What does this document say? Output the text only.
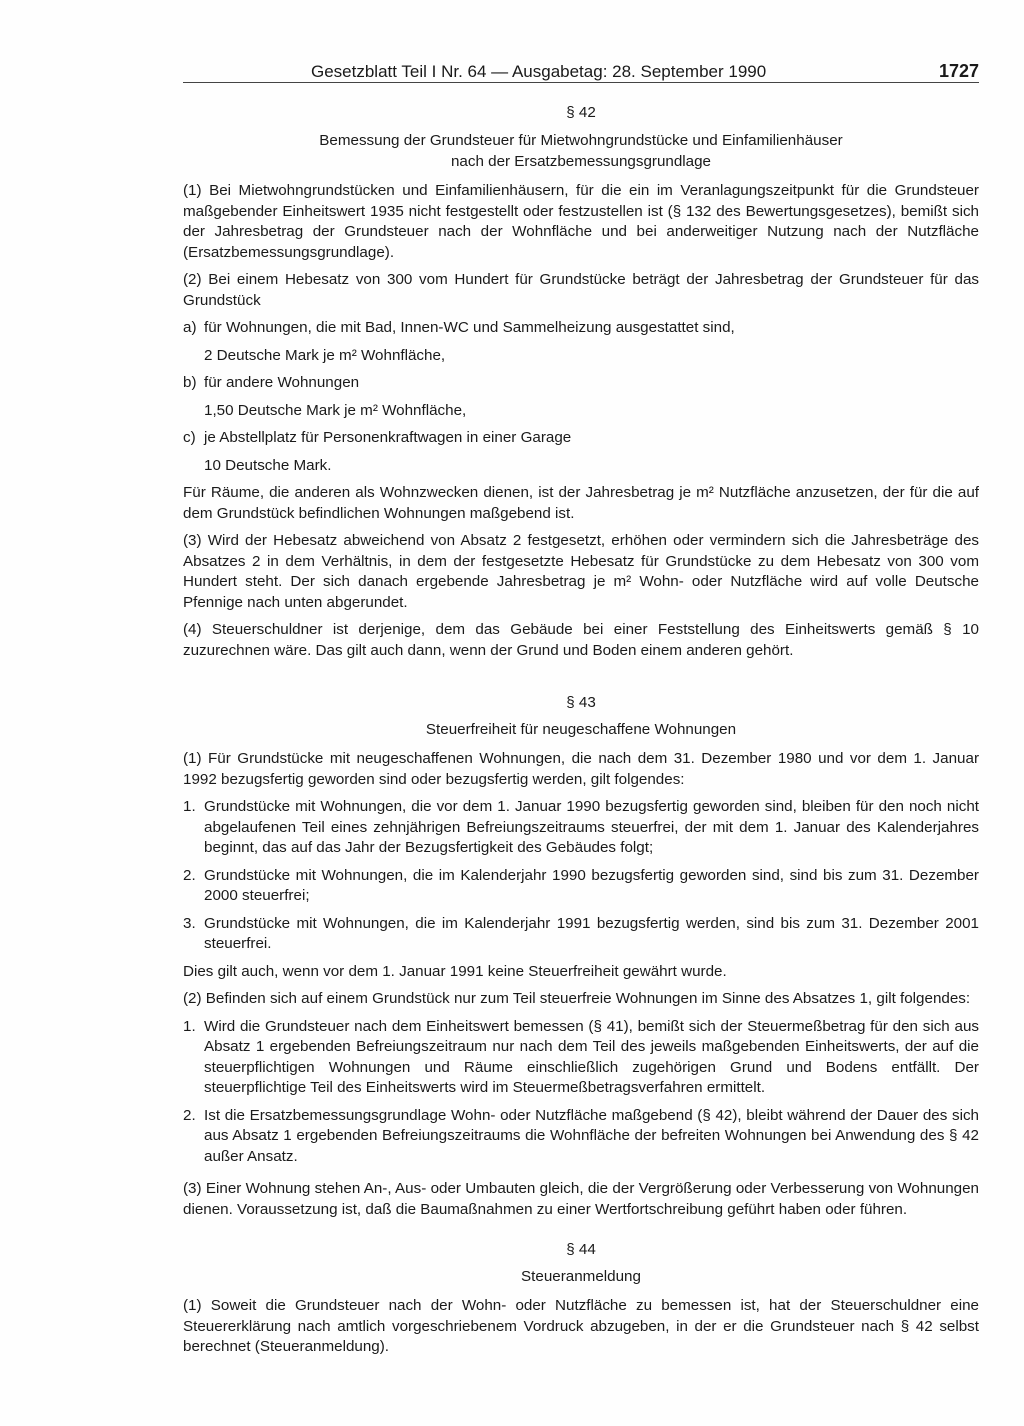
Gesetzblatt Teil I Nr. 64 — Ausgabetag: 28. September 1990	1727

§ 42

Bemessung der Grundsteuer für Mietwohngrundstücke und Einfamilienhäuser

nach der Ersatzbemessungsgrundlage

(1) Bei Mietwohngrundstücken und Einfamilienhäusern, für die ein im Veranlagungszeitpunkt für die Grundsteuer maßgebender Einheitswert 1935 nicht festgestellt oder festzustellen ist (§ 132 des Bewertungsgesetzes), bemißt sich der Jahresbetrag der Grundsteuer nach der Wohnfläche und bei anderweitiger Nutzung nach der Nutzfläche (Ersatzbemessungsgrundlage).

(2) Bei einem Hebesatz von 300 vom Hundert für Grundstücke beträgt der Jahresbetrag der Grundsteuer für das Grundstück

a) für Wohnungen, die mit Bad, Innen-WC und Sammelheizung ausgestattet sind,
2 Deutsche Mark je m² Wohnfläche,
b) für andere Wohnungen
1,50 Deutsche Mark je m² Wohnfläche,
c) je Abstellplatz für Personenkraftwagen in einer Garage
10 Deutsche Mark.

Für Räume, die anderen als Wohnzwecken dienen, ist der Jahresbetrag je m² Nutzfläche anzusetzen, der für die auf dem Grundstück befindlichen Wohnungen maßgebend ist.

(3) Wird der Hebesatz abweichend von Absatz 2 festgesetzt, erhöhen oder vermindern sich die Jahresbeträge des Absatzes 2 in dem Verhältnis, in dem der festgesetzte Hebesatz für Grundstücke zu dem Hebesatz von 300 vom Hundert steht. Der sich danach ergebende Jahresbetrag je m² Wohn- oder Nutzfläche wird auf volle Deutsche Pfennige nach unten abgerundet.

(4) Steuerschuldner ist derjenige, dem das Gebäude bei einer Feststellung des Einheitswerts gemäß § 10 zuzurechnen wäre. Das gilt auch dann, wenn der Grund und Boden einem anderen gehört.

§ 43

Steuerfreiheit für neugeschaffene Wohnungen

(1) Für Grundstücke mit neugeschaffenen Wohnungen, die nach dem 31. Dezember 1980 und vor dem 1. Januar 1992 bezugsfertig geworden sind oder bezugsfertig werden, gilt folgendes:

1. Grundstücke mit Wohnungen, die vor dem 1. Januar 1990 bezugsfertig geworden sind, bleiben für den noch nicht abgelaufenen Teil eines zehnjährigen Befreiungszeitraums steuerfrei, der mit dem 1. Januar des Kalenderjahres beginnt, das auf das Jahr der Bezugsfertigkeit des Gebäudes folgt;
2. Grundstücke mit Wohnungen, die im Kalenderjahr 1990 bezugsfertig geworden sind, sind bis zum 31. Dezember 2000 steuerfrei;
3. Grundstücke mit Wohnungen, die im Kalenderjahr 1991 bezugsfertig werden, sind bis zum 31. Dezember 2001 steuerfrei.

Dies gilt auch, wenn vor dem 1. Januar 1991 keine Steuerfreiheit gewährt wurde.

(2) Befinden sich auf einem Grundstück nur zum Teil steuerfreie Wohnungen im Sinne des Absatzes 1, gilt folgendes:

1. Wird die Grundsteuer nach dem Einheitswert bemessen (§ 41), bemißt sich der Steuermeßbetrag für den sich aus Absatz 1 ergebenden Befreiungszeitraum nur nach dem Teil des jeweils maßgebenden Einheitswerts, der auf die steuerpflichtigen Wohnungen und Räume einschließlich zugehörigen Grund und Bodens entfällt. Der steuerpflichtige Teil des Einheitswerts wird im Steuermeßbetragsverfahren ermittelt.
2. Ist die Ersatzbemessungsgrundlage Wohn- oder Nutzfläche maßgebend (§ 42), bleibt während der Dauer des sich aus Absatz 1 ergebenden Befreiungszeitraums die Wohnfläche der befreiten Wohnungen bei Anwendung des § 42 außer Ansatz.

(3) Einer Wohnung stehen An-, Aus- oder Umbauten gleich, die der Vergrößerung oder Verbesserung von Wohnungen dienen. Voraussetzung ist, daß die Baumaßnahmen zu einer Wertfortschreibung geführt haben oder führen.

§ 44

Steueranmeldung

(1) Soweit die Grundsteuer nach der Wohn- oder Nutzfläche zu bemessen ist, hat der Steuerschuldner eine Steuererklärung nach amtlich vorgeschriebenem Vordruck abzugeben, in der er die Grundsteuer nach § 42 selbst berechnet (Steueranmeldung).
